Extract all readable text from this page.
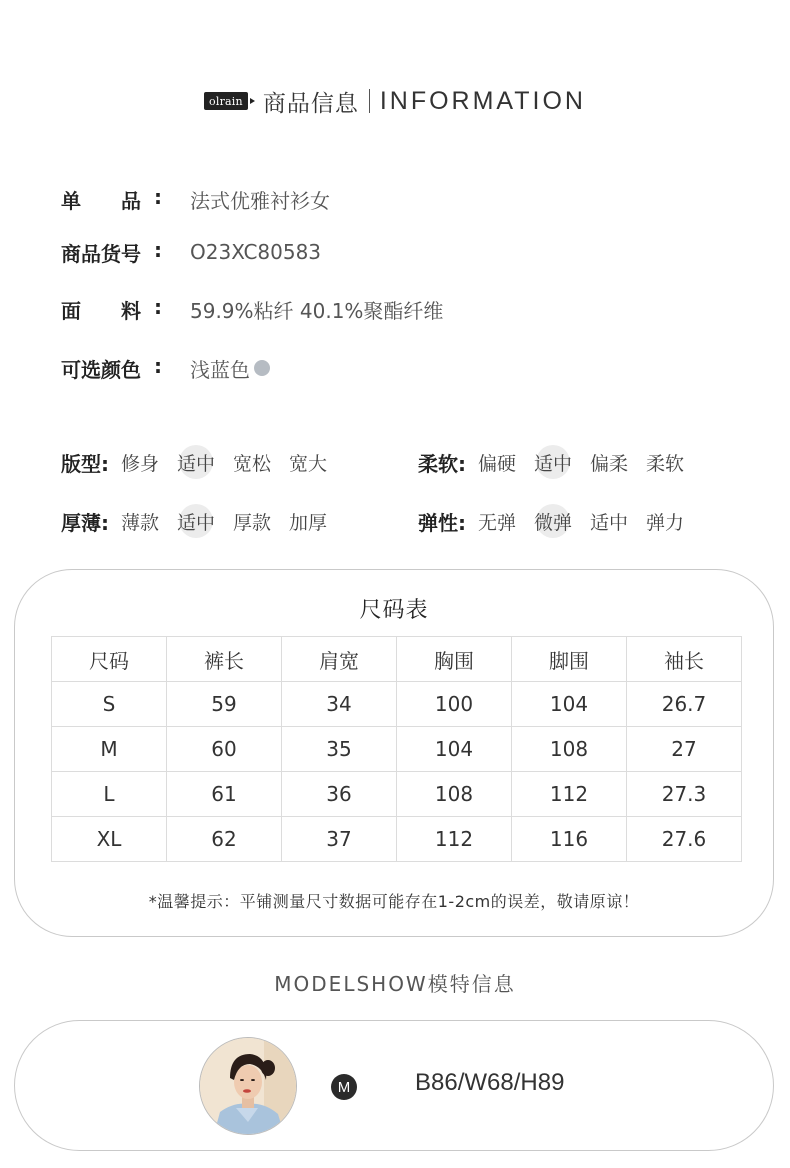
olrain 商品信息 INFORMATION
单　　品 : 法式优雅衬衫女
商品货号 : O23XC80583
面　　料 : 59.9%粘纤 40.1%聚酯纤维
可选颜色 : 浅蓝色
版型: 修身 适中 宽松 宽大	柔软: 偏硬 适中 偏柔 柔软
厚薄: 薄款 适中 厚款 加厚	弹性: 无弹 微弹 适中 弹力
尺码表
尺码	裤长	肩宽	胸围	脚围	袖长
S	59	34	100	104	26.7
M	60	35	104	108	27
L	61	36	108	112	27.3
XL	62	37	112	116	27.6
*温馨提示：平铺测量尺寸数据可能存在1-2cm的误差，敬请原谅！
MODELSHOW模特信息
M	B86/W68/H89
